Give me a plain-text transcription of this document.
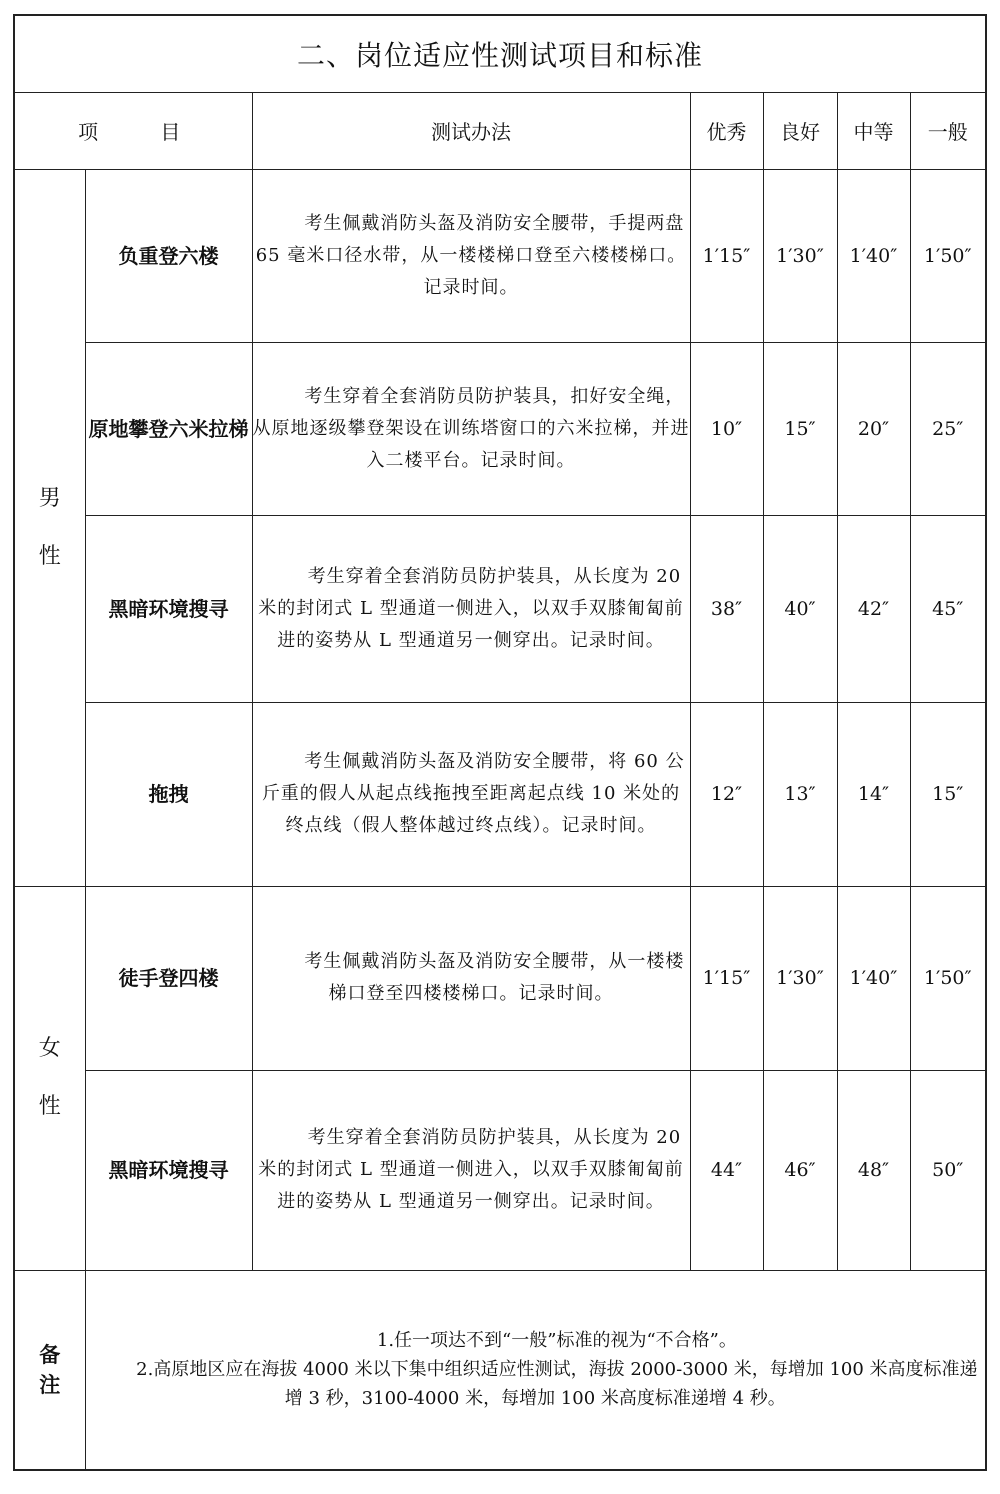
二、岗位适应性测试项目和标准						
项 目		测试办法	优秀	良好	中等	一般

男性	负重登六楼	考生佩戴消防头盔及消防安全腰带，手提两盘 65 毫米口径水带，从一楼楼梯口登至六楼楼梯口。记录时间。	1′15″	1′30″	1′40″	1′50″
	原地攀登六米拉梯	考生穿着全套消防员防护装具，扣好安全绳，从原地逐级攀登架设在训练塔窗口的六米拉梯，并进入二楼平台。记录时间。	10″	15″	20″	25″
	黑暗环境搜寻	考生穿着全套消防员防护装具，从长度为 20 米的封闭式 L 型通道一侧进入，以双手双膝匍匐前进的姿势从 L 型通道另一侧穿出。记录时间。	38″	40″	42″	45″
	拖拽	考生佩戴消防头盔及消防安全腰带，将 60 公斤重的假人从起点线拖拽至距离起点线 10 米处的终点线（假人整体越过终点线）。记录时间。	12″	13″	14″	15″

女性	徒手登四楼	考生佩戴消防头盔及消防安全腰带，从一楼楼梯口登至四楼楼梯口。记录时间。	1′15″	1′30″	1′40″	1′50″
	黑暗环境搜寻	考生穿着全套消防员防护装具，从长度为 20 米的封闭式 L 型通道一侧进入，以双手双膝匍匐前进的姿势从 L 型通道另一侧穿出。记录时间。	44″	46″	48″	50″

备注	1.任一项达不到“一般”标准的视为“不合格”。

2.高原地区应在海拔 4000 米以下集中组织适应性测试，海拔 2000-3000 米，每增加 100 米高度标准递增 3 秒，3100-4000 米，每增加 100 米高度标准递增 4 秒。					
